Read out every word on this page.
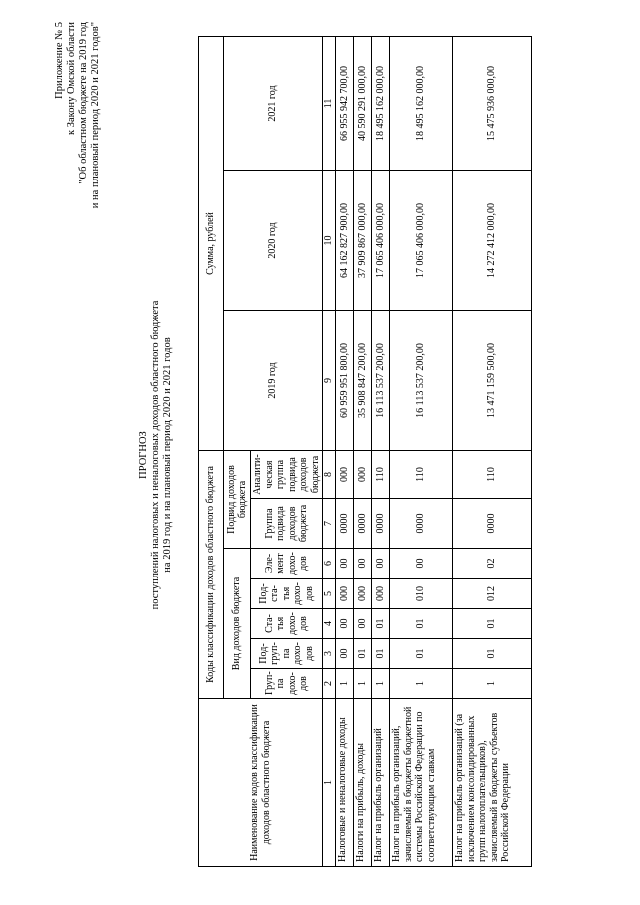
Приложение № 5 к Закону Омской области "Об областном бюджете на 2019 год и на плановый период 2020 и 2021 годов"
ПРОГНОЗ поступлений налоговых и неналоговых доходов областного бюджета на 2019 год и на плановый период 2020 и 2021 годов
Наименование кодов классификации доходов областного бюджета	Коды классификации доходов областного бюджета							Сумма, рублей		
	Вид доходов бюджета					Подвид доходов бюджета		2019 год	2020 год	2021 год
	Груп-па дохо-дов	Под-груп-па дохо-дов	Ста-тья дохо-дов	Под-ста-тья дохо-дов	Эле-мент дохо-дов	Группа подвида доходов бюджета	Аналити-ческая группа подвида доходов бюджета			
1	2	3	4	5	6	7	8	9	10	11
Налоговые и неналоговые доходы	1	00	00	000	00	0000	000	60 959 951 800,00	64 162 827 900,00	66 955 942 700,00
Налоги на прибыль, доходы	1	01	00	000	00	0000	000	35 908 847 200,00	37 909 867 000,00	40 590 291 000,00
Налог на прибыль организаций	1	01	01	000	00	0000	110	16 113 537 200,00	17 065 406 000,00	18 495 162 000,00
Налог на прибыль организаций, зачисляемый в бюджеты бюджетной системы Российской Федерации по соответствующим ставкам	1	01	01	010	00	0000	110	16 113 537 200,00	17 065 406 000,00	18 495 162 000,00
Налог на прибыль организаций (за исключением консолидированных групп налогоплательщиков), зачисляемый в бюджеты субъектов Российской Федерации	1	01	01	012	02	0000	110	13 471 159 500,00	14 272 412 000,00	15 475 936 000,00
